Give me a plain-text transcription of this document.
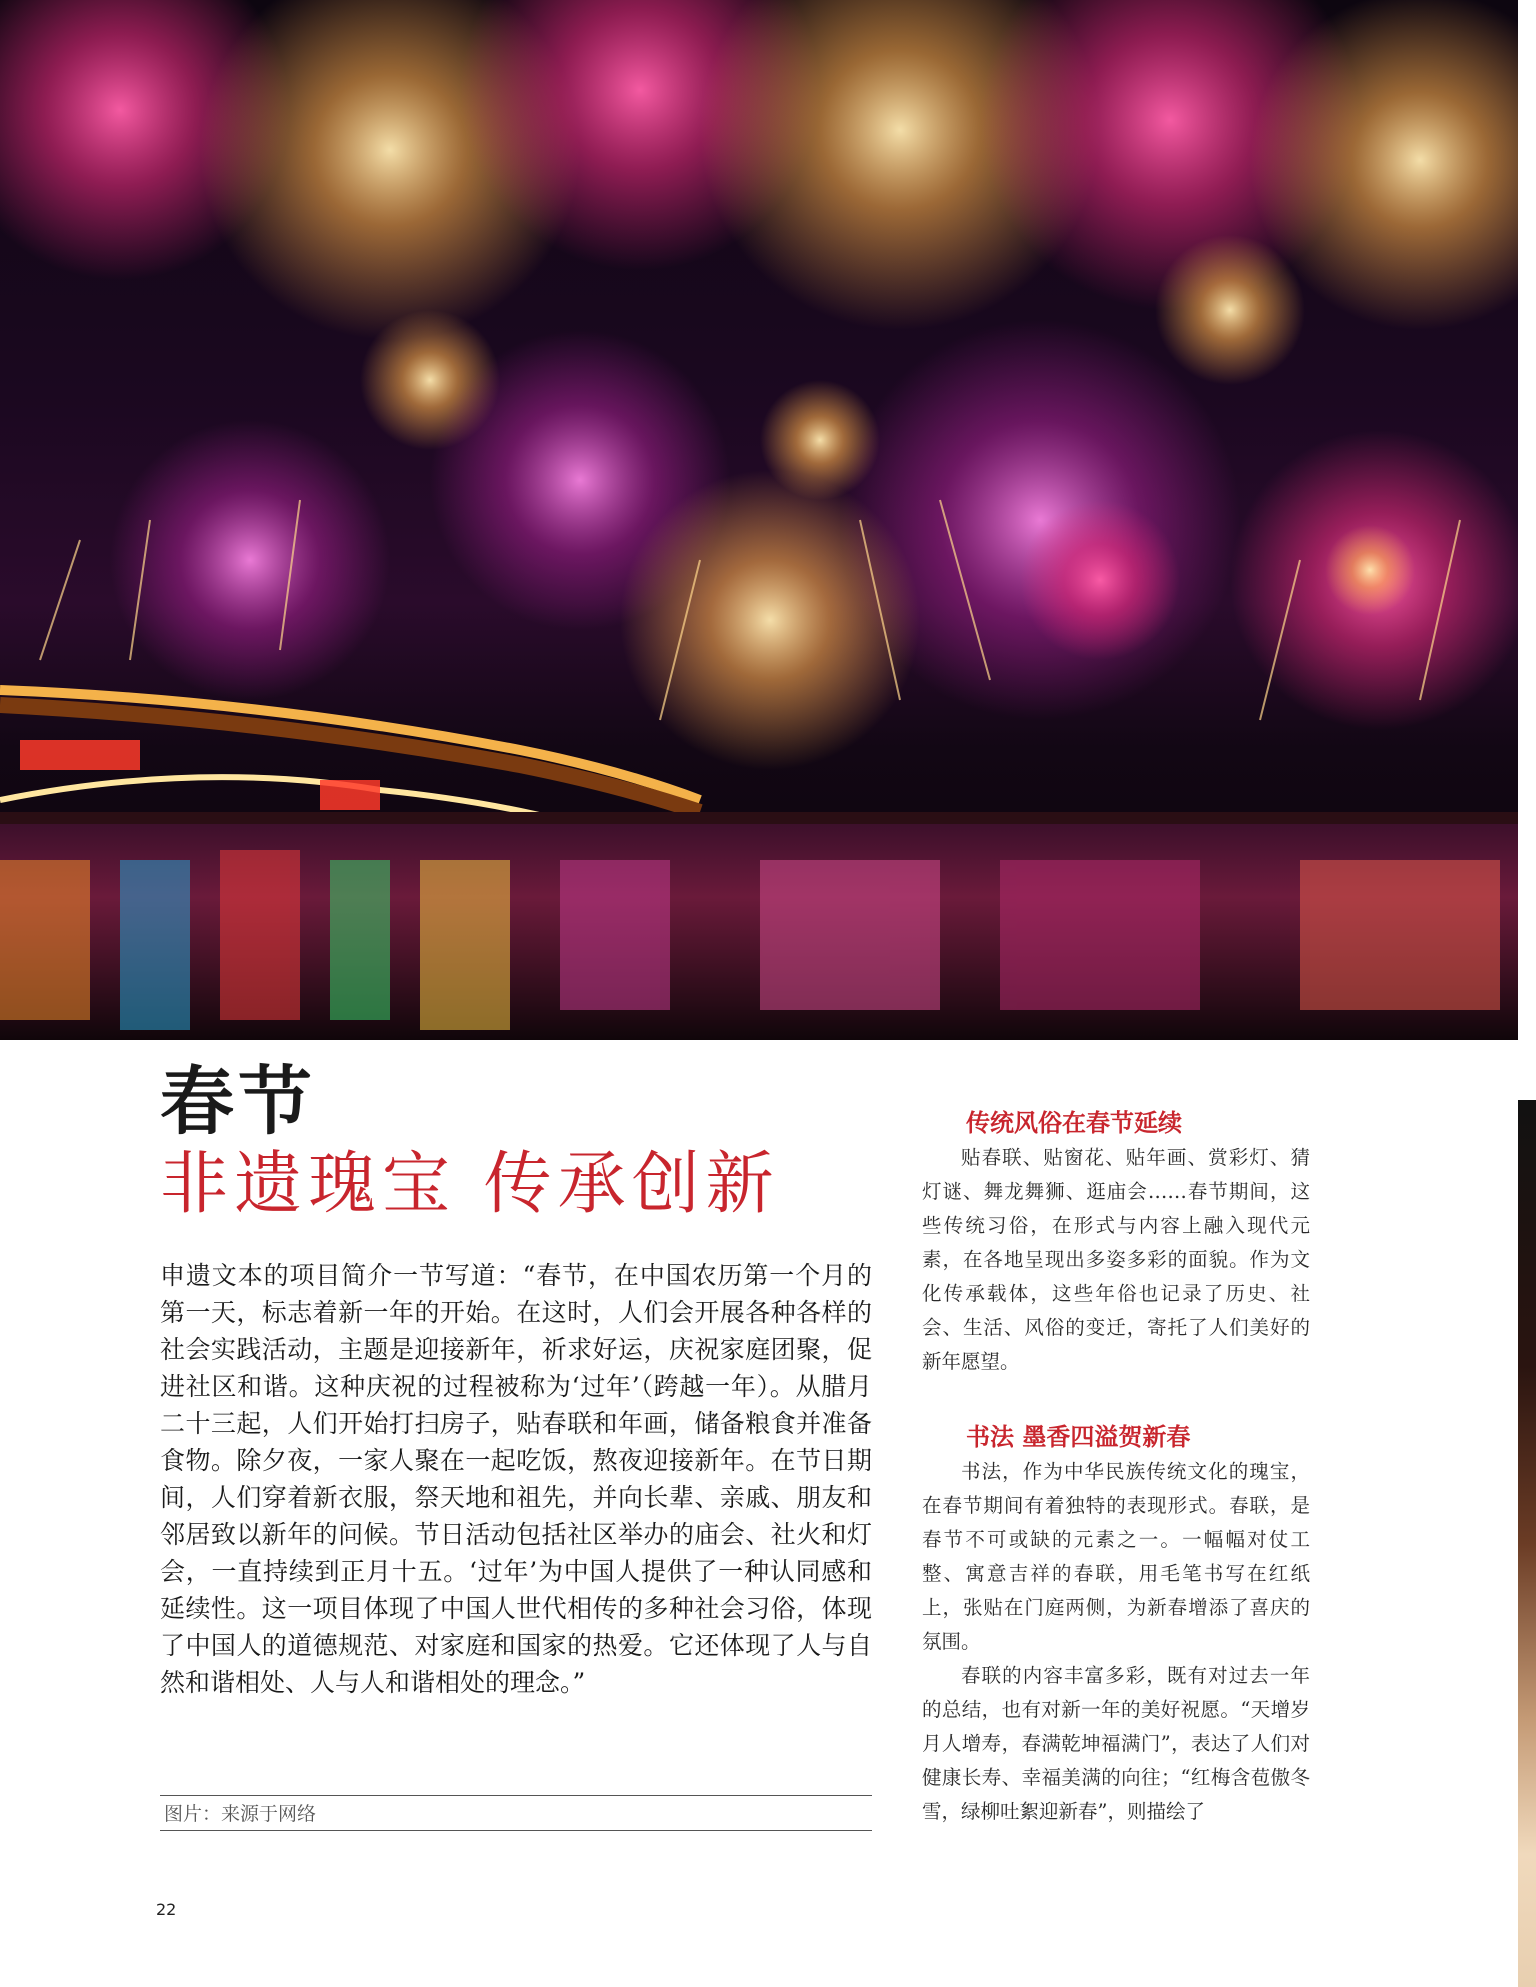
春节
非遗瑰宝 传承创新

申遗文本的项目简介一节写道：“春节，在中国农历第一个月的第一天，标志着新一年的开始。在这时，人们会开展各种各样的社会实践活动，主题是迎接新年，祈求好运，庆祝家庭团聚，促进社区和谐。这种庆祝的过程被称为‘过年’（跨越一年）。从腊月二十三起，人们开始打扫房子，贴春联和年画，储备粮食并准备食物。除夕夜，一家人聚在一起吃饭，熬夜迎接新年。在节日期间，人们穿着新衣服，祭天地和祖先，并向长辈、亲戚、朋友和邻居致以新年的问候。节日活动包括社区举办的庙会、社火和灯会，一直持续到正月十五。‘过年’为中国人提供了一种认同感和延续性。这一项目体现了中国人世代相传的多种社会习俗，体现了中国人的道德规范、对家庭和国家的热爱。它还体现了人与自然和谐相处、人与人和谐相处的理念。”

图片：来源于网络
22
传统风俗在春节延续

贴春联、贴窗花、贴年画、赏彩灯、猜灯谜、舞龙舞狮、逛庙会……春节期间，这些传统习俗，在形式与内容上融入现代元素，在各地呈现出多姿多彩的面貌。作为文化传承载体，这些年俗也记录了历史、社会、生活、风俗的变迁，寄托了人们美好的新年愿望。

书法 墨香四溢贺新春

书法，作为中华民族传统文化的瑰宝，在春节期间有着独特的表现形式。春联，是春节不可或缺的元素之一。一幅幅对仗工整、寓意吉祥的春联，用毛笔书写在红纸上，张贴在门庭两侧，为新春增添了喜庆的氛围。

春联的内容丰富多彩，既有对过去一年的总结，也有对新一年的美好祝愿。“天增岁月人增寿，春满乾坤福满门”，表达了人们对健康长寿、幸福美满的向往；“红梅含苞傲冬雪，绿柳吐絮迎新春”，则描绘了
